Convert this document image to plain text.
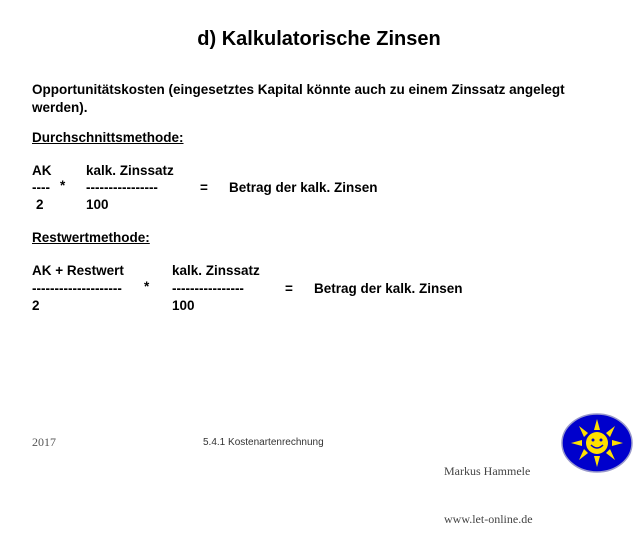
d) Kalkulatorische Zinsen
Opportunitätskosten (eingesetztes Kapital könnte auch zu einem Zinssatz angelegt
werden).
Durchschnittsmethode:
AK	kalk. Zinssatz
---- * ----------------	= Betrag der kalk. Zinsen
2	100
Restwertmethode:
AK + Restwert	kalk. Zinssatz
-------------------- * ----------------	= Betrag der kalk. Zinsen
2	100
2017	5.4.1 Kostenartenrechnung

Markus Hammele

www.let-online.de
